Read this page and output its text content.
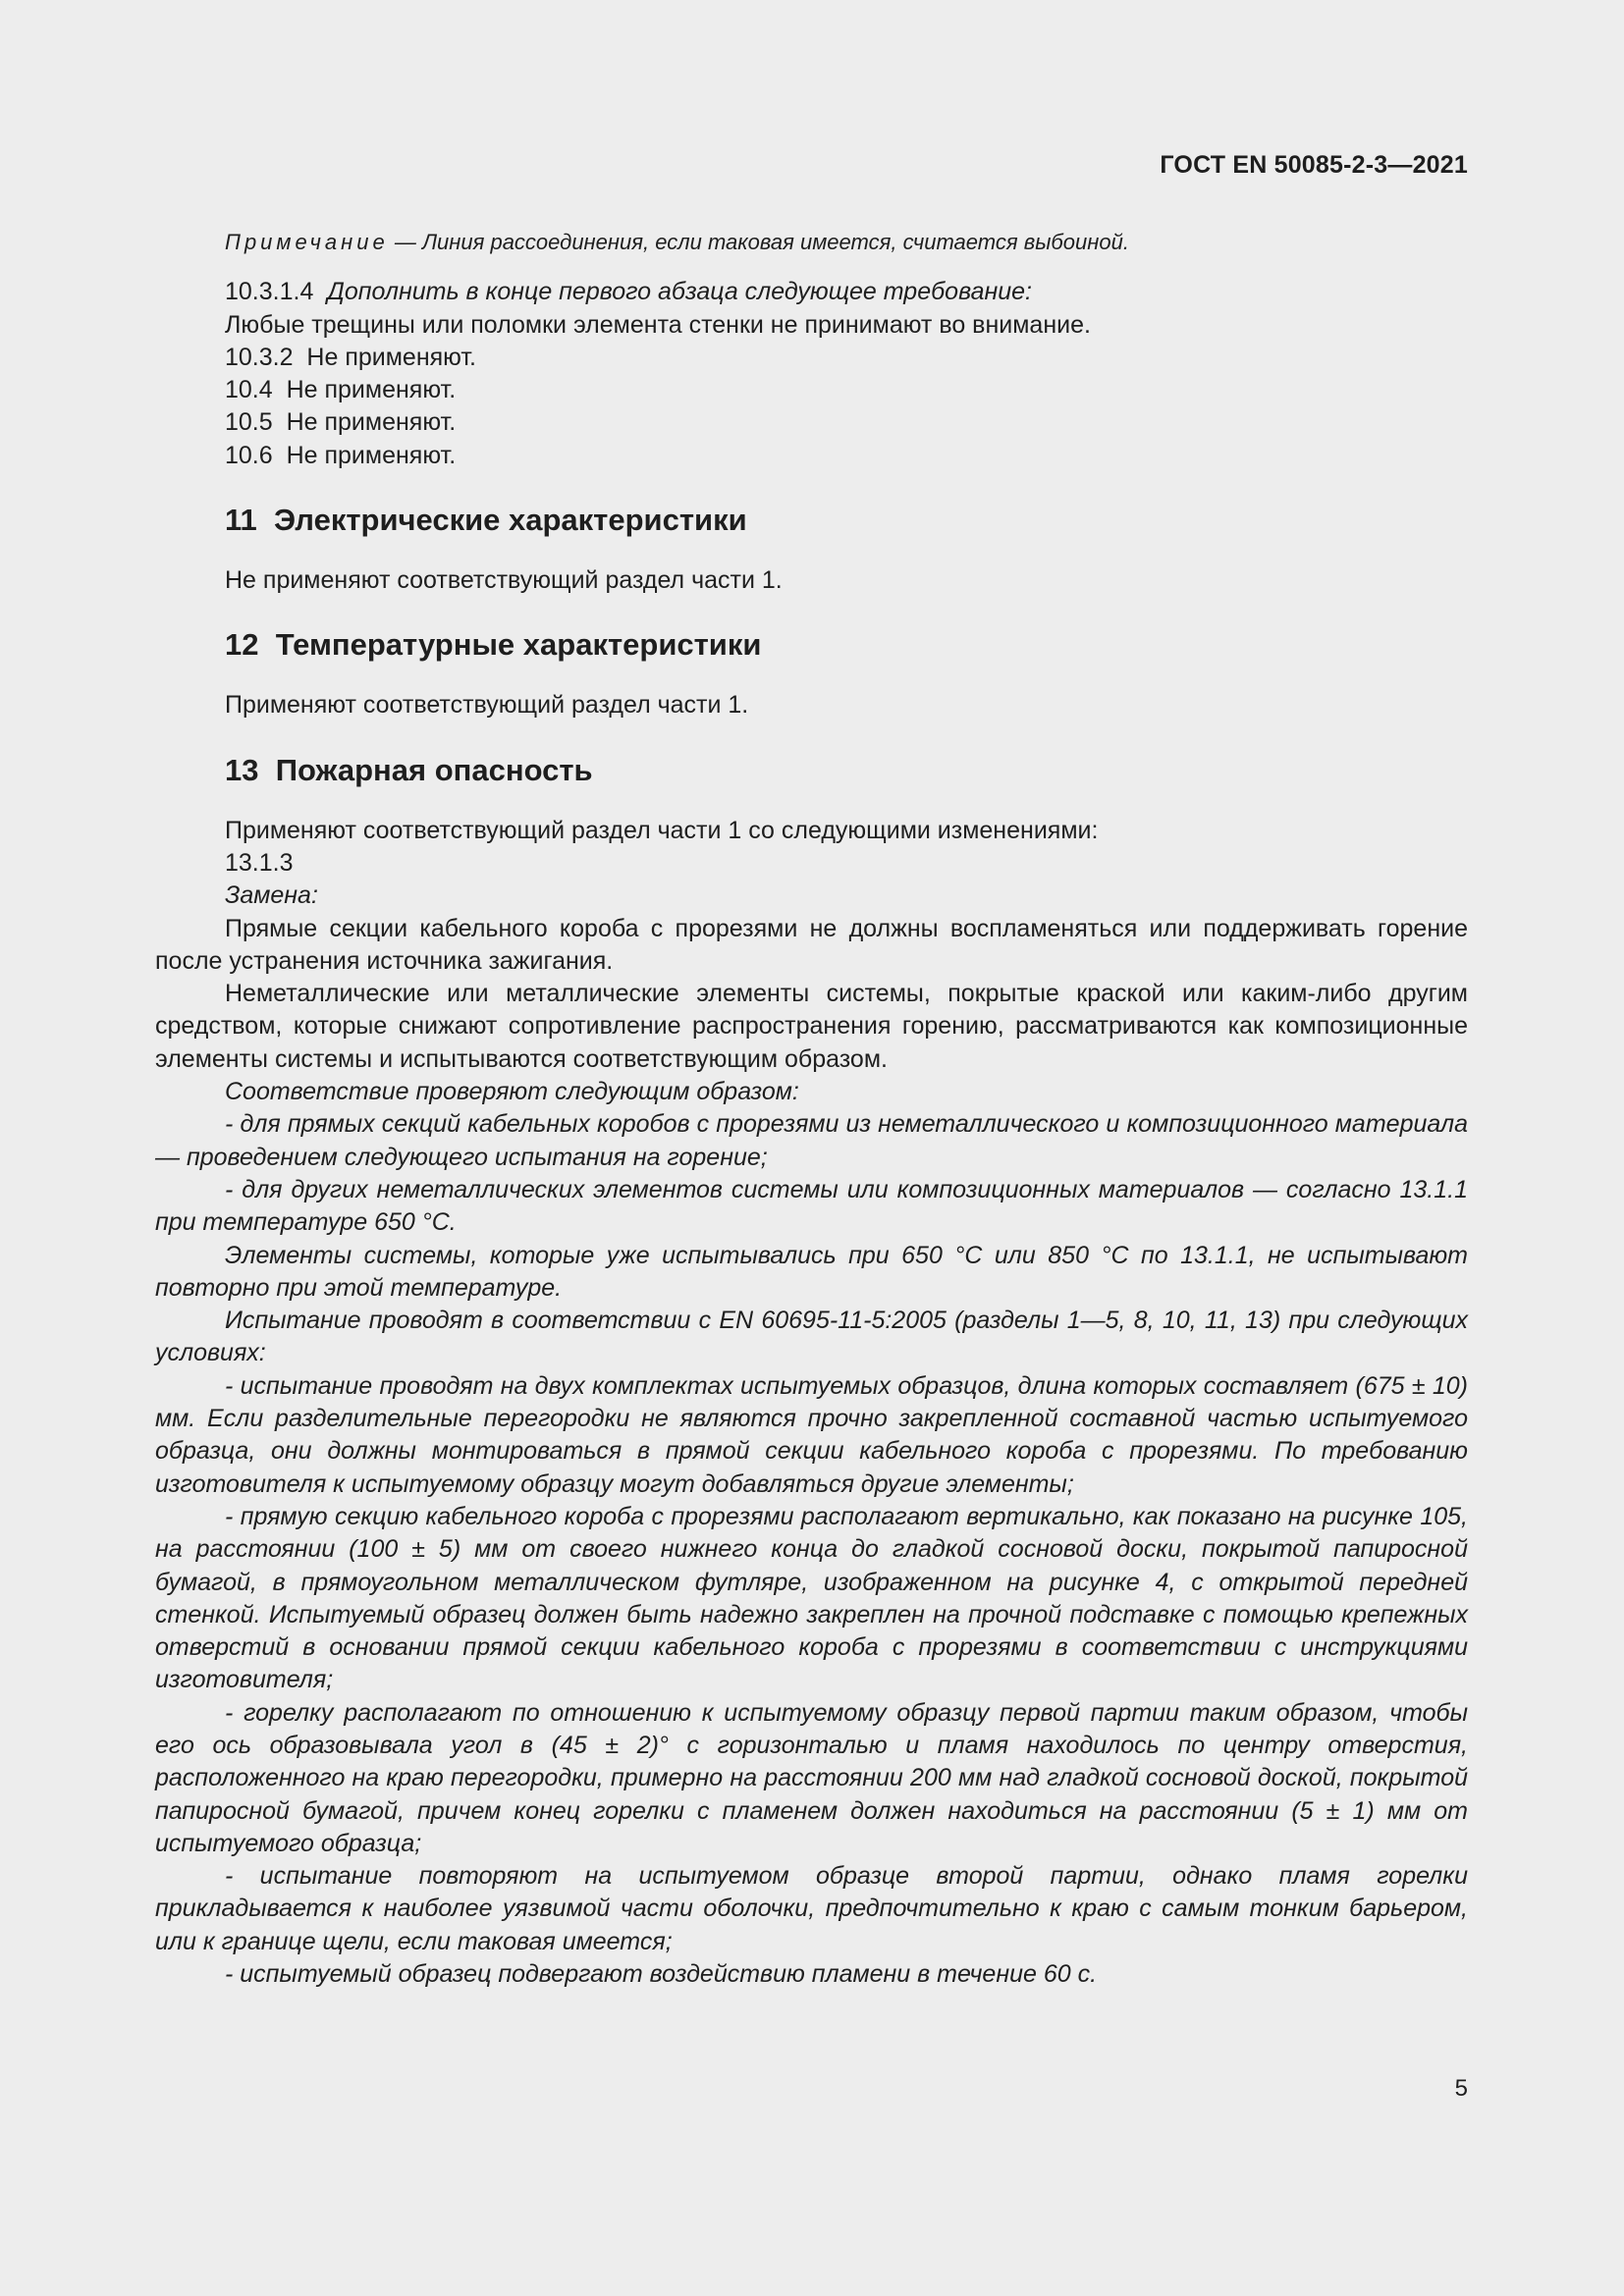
ГОСТ EN 50085-2-3—2021

Примечание — Линия рассоединения, если таковая имеется, считается выбоиной.

10.3.1.4 Дополнить в конце первого абзаца следующее требование:

Любые трещины или поломки элемента стенки не принимают во внимание.

10.3.2 Не применяют.

10.4 Не применяют.

10.5 Не применяют.

10.6 Не применяют.

11 Электрические характеристики

Не применяют соответствующий раздел части 1.

12 Температурные характеристики

Применяют соответствующий раздел части 1.

13 Пожарная опасность

Применяют соответствующий раздел части 1 со следующими изменениями:

13.1.3

Замена:

Прямые секции кабельного короба с прорезями не должны воспламеняться или поддерживать горение после устранения источника зажигания.

Неметаллические или металлические элементы системы, покрытые краской или каким-либо другим средством, которые снижают сопротивление распространения горению, рассматриваются как композиционные элементы системы и испытываются соответствующим образом.

Соответствие проверяют следующим образом:

- для прямых секций кабельных коробов с прорезями из неметаллического и композиционного материала — проведением следующего испытания на горение;

- для других неметаллических элементов системы или композиционных материалов — согласно 13.1.1 при температуре 650 °С.

Элементы системы, которые уже испытывались при 650 °С или 850 °С по 13.1.1, не испытывают повторно при этой температуре.

Испытание проводят в соответствии с EN 60695-11-5:2005 (разделы 1—5, 8, 10, 11, 13) при следующих условиях:

- испытание проводят на двух комплектах испытуемых образцов, длина которых составляет (675 ± 10) мм. Если разделительные перегородки не являются прочно закрепленной составной частью испытуемого образца, они должны монтироваться в прямой секции кабельного короба с прорезями. По требованию изготовителя к испытуемому образцу могут добавляться другие элементы;

- прямую секцию кабельного короба с прорезями располагают вертикально, как показано на рисунке 105, на расстоянии (100 ± 5) мм от своего нижнего конца до гладкой сосновой доски, покрытой папиросной бумагой, в прямоугольном металлическом футляре, изображенном на рисунке 4, с открытой передней стенкой. Испытуемый образец должен быть надежно закреплен на прочной подставке с помощью крепежных отверстий в основании прямой секции кабельного короба с прорезями в соответствии с инструкциями изготовителя;

- горелку располагают по отношению к испытуемому образцу первой партии таким образом, чтобы его ось образовывала угол в (45 ± 2)° с горизонталью и пламя находилось по центру отверстия, расположенного на краю перегородки, примерно на расстоянии 200 мм над гладкой сосновой доской, покрытой папиросной бумагой, причем конец горелки с пламенем должен находиться на расстоянии (5 ± 1) мм от испытуемого образца;

- испытание повторяют на испытуемом образце второй партии, однако пламя горелки прикладывается к наиболее уязвимой части оболочки, предпочтительно к краю с самым тонким барьером, или к границе щели, если таковая имеется;

- испытуемый образец подвергают воздействию пламени в течение 60 с.

5
